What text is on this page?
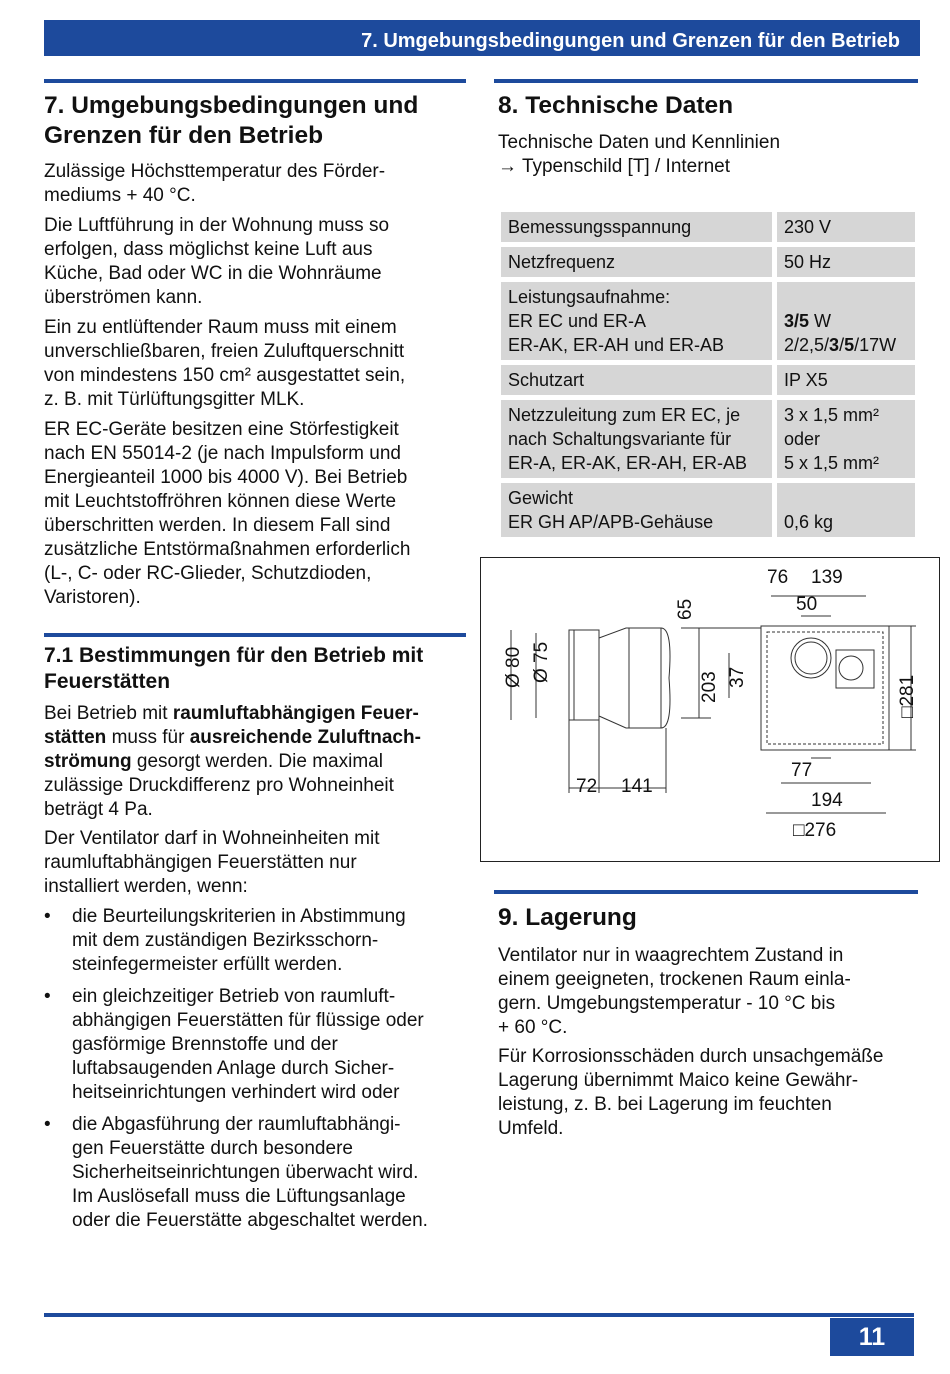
7. Umgebungsbedingungen und Grenzen für den Betrieb
7. Umgebungsbedingungen und
Grenzen für den Betrieb

Zulässige Höchsttemperatur des Förder-
mediums + 40 °C.

Die Luftführung in der Wohnung muss so
erfolgen, dass möglichst keine Luft aus
Küche, Bad oder WC in die Wohnräume
überströmen kann.

Ein zu entlüftender Raum muss mit einem
unverschließbaren, freien Zuluftquerschnitt
von mindestens 150 cm² ausgestattet sein,
z. B. mit Türlüftungsgitter MLK.

ER EC-Geräte besitzen eine Störfestigkeit
nach EN 55014-2 (je nach Impulsform und
Energieanteil 1000 bis 4000 V). Bei Betrieb
mit Leuchtstoffröhren können diese Werte
überschritten werden. In diesem Fall sind
zusätzliche Entstörmaßnahmen erforderlich
(L-, C- oder RC-Glieder, Schutzdioden,
Varistoren).

7.1 Bestimmungen für den Betrieb mit
Feuerstätten

Bei Betrieb mit raumluftabhängigen Feuer-
stätten muss für ausreichende Zuluftnach-
strömung gesorgt werden. Die maximal
zulässige Druckdifferenz pro Wohneinheit
beträgt 4 Pa.

Der Ventilator darf in Wohneinheiten mit
raumluftabhängigen Feuerstätten nur
installiert werden, wenn:

• die Beurteilungskriterien in Abstimmung
mit dem zuständigen Bezirksschorn-
steinfegermeister erfüllt werden.
• ein gleichzeitiger Betrieb von raumluft-
abhängigen Feuerstätten für flüssige oder
gasförmige Brennstoffe und der
luftabsaugenden Anlage durch Sicher-
heitseinrichtungen verhindert wird oder
• die Abgasführung der raumluftabhängi-
gen Feuerstätte durch besondere
Sicherheitseinrichtungen überwacht wird.
Im Auslösefall muss die Lüftungsanlage
oder die Feuerstätte abgeschaltet werden.
8. Technische Daten

Technische Daten und Kennlinien
→ Typenschild [T] / Internet

Bemessungsspannung	230 V
Netzfrequenz	50 Hz
Leistungsaufnahme:
ER EC und ER-A
ER-AK, ER-AH und ER-AB	3/5 W
2/2,5/3/5/17W
Schutzart	IP X5
Netzzuleitung zum ER EC, je
nach Schaltungsvariante für
ER-A, ER-AK, ER-AH, ER-AB	3 x 1,5 mm²
oder
5 x 1,5 mm²
Gewicht
ER GH AP/APB-Gehäuse	0,6 kg
Ø 80 Ø 75
65
203 37
72 141
76 139
50
□281
77
194
□276
9. Lagerung

Ventilator nur in waagrechtem Zustand in
einem geeigneten, trockenen Raum einla-
gern. Umgebungstemperatur - 10 °C bis
+ 60 °C.

Für Korrosionsschäden durch unsachgemäße
Lagerung übernimmt Maico keine Gewähr-
leistung, z. B. bei Lagerung im feuchten
Umfeld.

11
